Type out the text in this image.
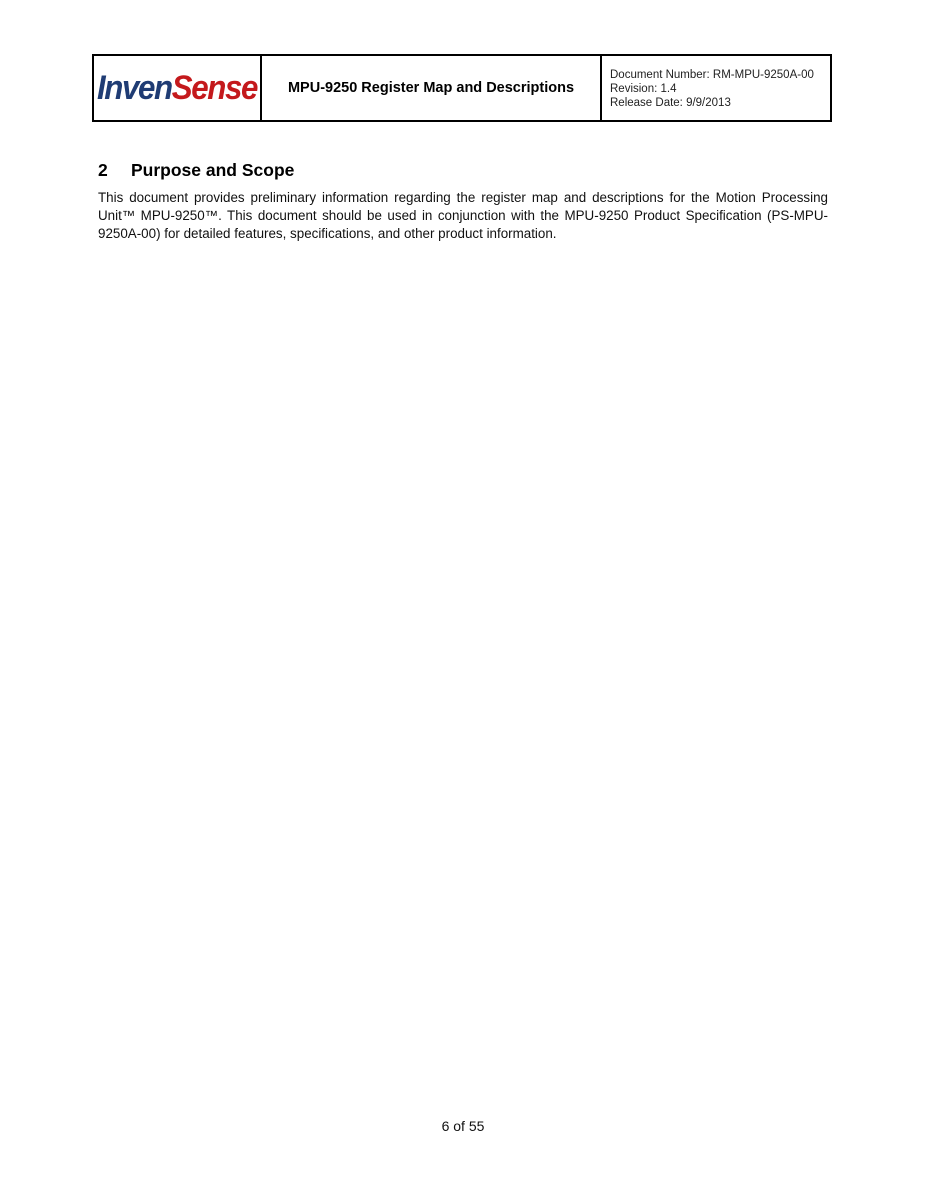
InvenSense	MPU-9250 Register Map and Descriptions
Document Number: RM-MPU-9250A-00
Revision: 1.4
Release Date: 9/9/2013
2	Purpose and Scope
This document provides preliminary information regarding the register map and descriptions for the Motion Processing Unit™ MPU-9250™. This document should be used in conjunction with the MPU-9250 Product Specification (PS-MPU-9250A-00) for detailed features, specifications, and other product information.
6 of 55
